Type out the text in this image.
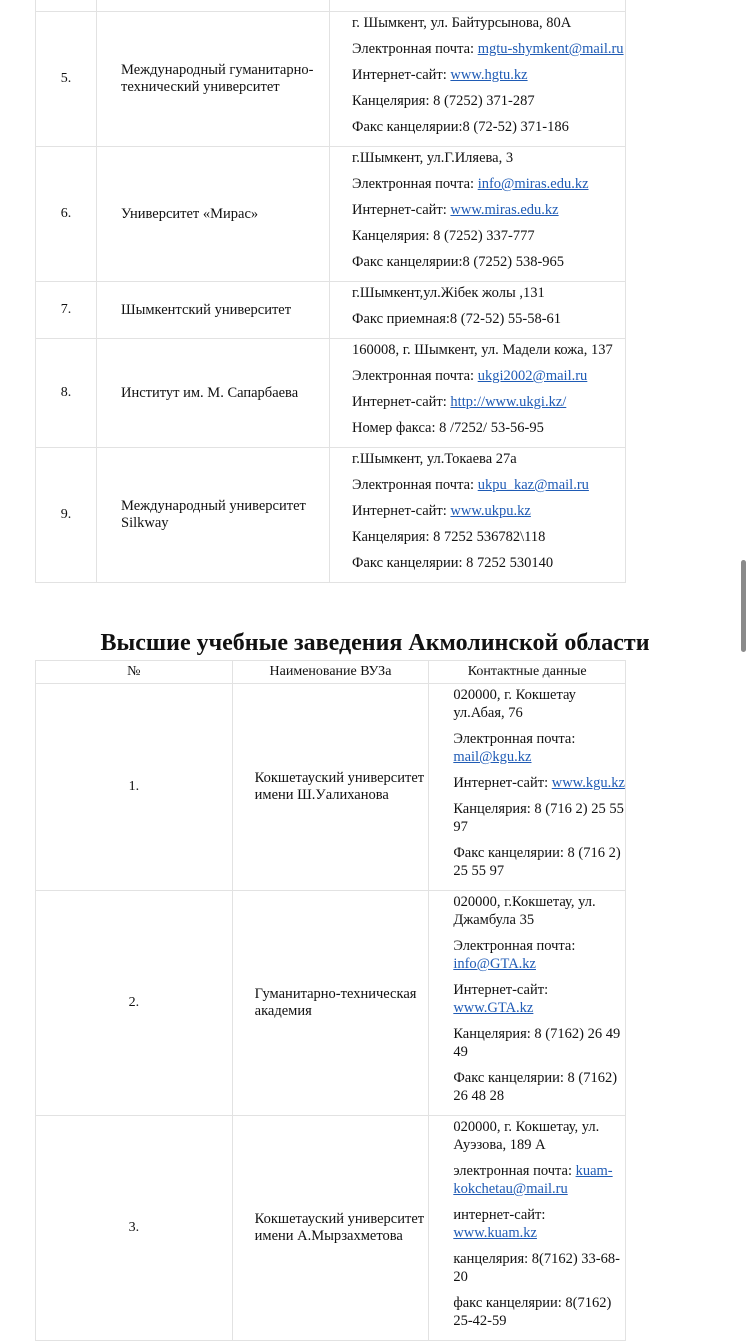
5.	Международный гуманитарно-технический университет	г. Шымкент, ул. Байтурсынова, 80А
Электронная почта: mgtu-shymkent@mail.ru
Интернет-сайт: www.hgtu.kz
Канцелярия: 8 (7252) 371-287
Факс канцелярии:8 (72-52) 371-186

6.	Университет «Мирас»	г.Шымкент, ул.Г.Иляева, 3
Электронная почта: info@miras.edu.kz
Интернет-сайт: www.miras.edu.kz
Канцелярия: 8 (7252) 337-777
Факс канцелярии:8 (7252) 538-965

7.	Шымкентский университет	г.Шымкент,ул.Жібек жолы ,131
Факс приемная:8 (72-52) 55-58-61

8.	Институт им. М. Сапарбаева	160008, г. Шымкент, ул. Мадели кожа, 137
Электронная почта: ukgi2002@mail.ru
Интернет-сайт: http://www.ukgi.kz/
Номер факса: 8 /7252/ 53-56-95

9.	Международный университет Silkway	г.Шымкент, ул.Токаева 27а
Электронная почта: ukpu_kaz@mail.ru
Интернет-сайт: www.ukpu.kz
Канцелярия: 8 7252 536782\118
Факс канцелярии: 8 7252 530140
Высшие учебные заведения Акмолинской области
№	Наименование ВУЗа	Контактные данные
1.	Кокшетауский университет имени Ш.Уалиханова	020000, г. Кокшетау ул.Абая, 76
Электронная почта: mail@kgu.kz
Интернет-сайт: www.kgu.kz
Канцелярия: 8 (716 2) 25 55 97
Факс канцелярии: 8 (716 2) 25 55 97

2.	Гуманитарно-техническая академия	020000, г.Кокшетау, ул. Джамбула 35
Электронная почта: info@GTA.kz
Интернет-сайт: www.GTA.kz
Канцелярия: 8 (7162) 26 49 49
Факс канцелярии: 8 (7162) 26 48 28

3.	Кокшетауский университет имени А.Мырзахметова	020000, г. Кокшетау, ул. Ауэзова, 189 А
электронная почта: kuam-kokchetau@mail.ru
интернет-сайт: www.kuam.kz
канцелярия: 8(7162) 33-68-20
факс канцелярии: 8(7162) 25-42-59
